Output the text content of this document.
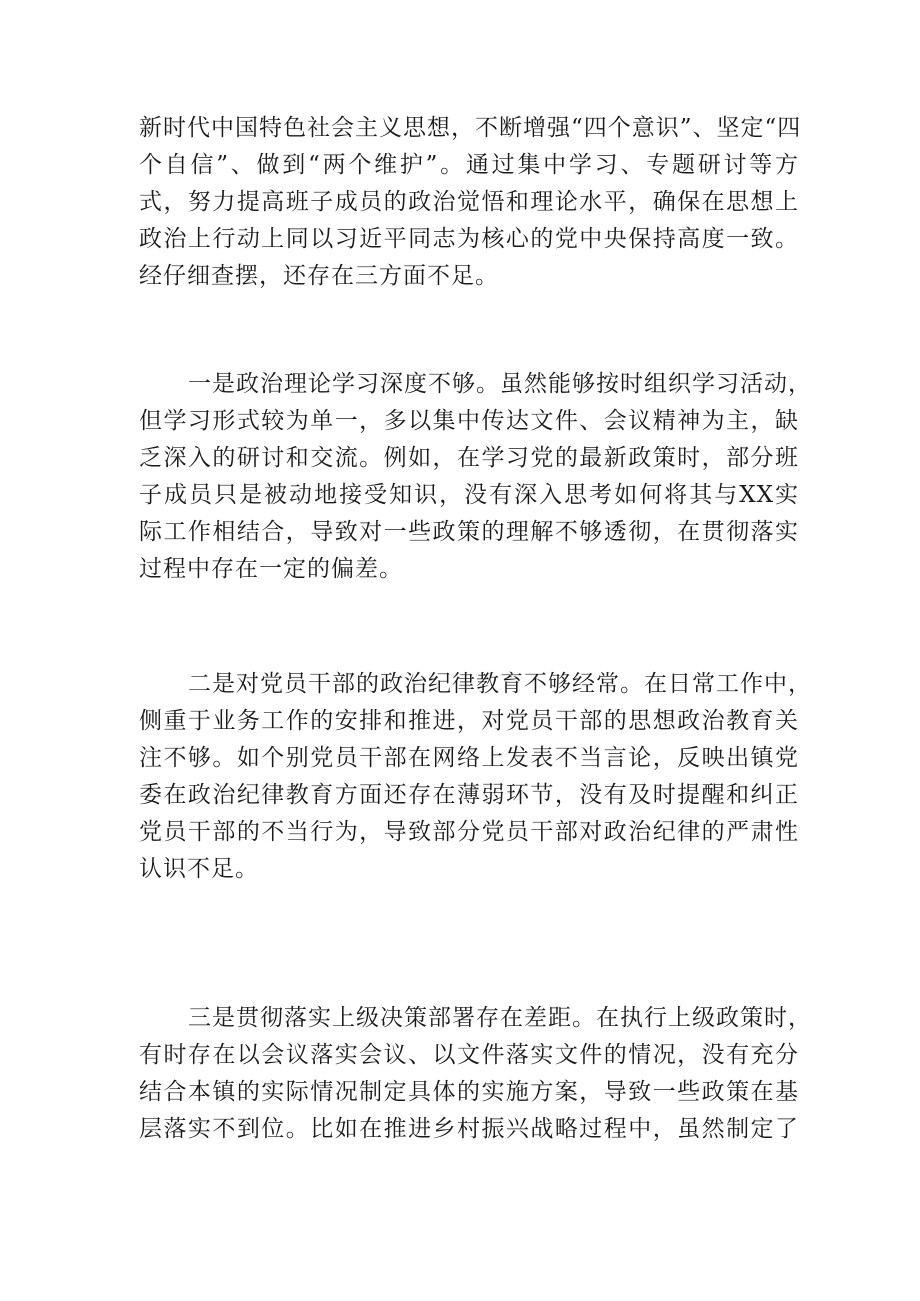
新时代中国特色社会主义思想，不断增强“四个意识”、坚定“四
个自信”、做到“两个维护”。通过集中学习、专题研讨等方
式，努力提高班子成员的政治觉悟和理论水平，确保在思想上
政治上行动上同以习近平同志为核心的党中央保持高度一致。
经仔细查摆，还存在三方面不足。
一是政治理论学习深度不够。虽然能够按时组织学习活动，
但学习形式较为单一，多以集中传达文件、会议精神为主，缺
乏深入的研讨和交流。例如，在学习党的最新政策时，部分班
子成员只是被动地接受知识，没有深入思考如何将其与XX实
际工作相结合，导致对一些政策的理解不够透彻，在贯彻落实
过程中存在一定的偏差。
二是对党员干部的政治纪律教育不够经常。在日常工作中，
侧重于业务工作的安排和推进，对党员干部的思想政治教育关
注不够。如个别党员干部在网络上发表不当言论，反映出镇党
委在政治纪律教育方面还存在薄弱环节，没有及时提醒和纠正
党员干部的不当行为，导致部分党员干部对政治纪律的严肃性
认识不足。
三是贯彻落实上级决策部署存在差距。在执行上级政策时，
有时存在以会议落实会议、以文件落实文件的情况，没有充分
结合本镇的实际情况制定具体的实施方案，导致一些政策在基
层落实不到位。比如在推进乡村振兴战略过程中，虽然制定了
